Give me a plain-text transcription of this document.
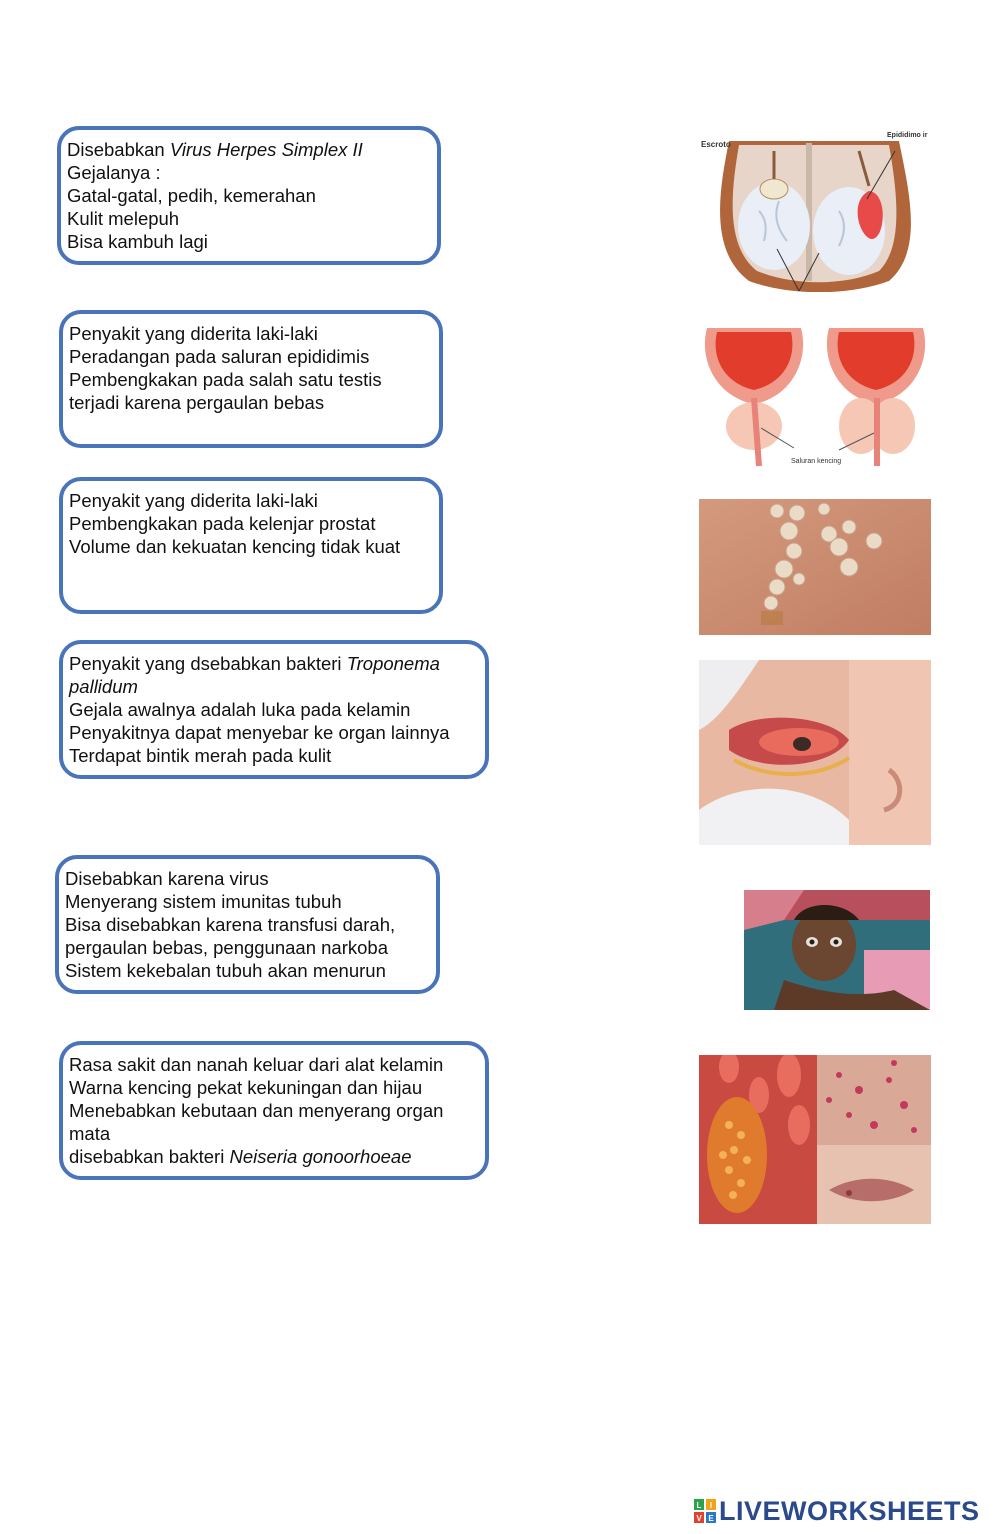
Disebabkan Virus Herpes Simplex II
Gejalanya :
Gatal-gatal, pedih, kemerahan
Kulit melepuh
Bisa kambuh lagi
Penyakit yang diderita laki-laki
Peradangan pada saluran epididimis
Pembengkakan pada salah satu testis
terjadi karena pergaulan bebas
Penyakit yang diderita laki-laki
Pembengkakan pada kelenjar prostat
Volume dan kekuatan kencing tidak kuat
Penyakit yang dsebabkan bakteri Troponema
pallidum
Gejala awalnya adalah luka pada kelamin
Penyakitnya dapat menyebar ke organ lainnya
Terdapat bintik merah pada kulit
Disebabkan karena virus
Menyerang sistem imunitas tubuh
Bisa disebabkan karena transfusi darah,
pergaulan bebas, penggunaan narkoba
Sistem kekebalan tubuh akan menurun
Rasa sakit dan nanah keluar dari alat kelamin
Warna kencing pekat kekuningan dan hijau
Menebabkan kebutaan dan menyerang organ
mata
disebabkan bakteri Neiseria gonoorhoeae
Escroto
Epididimo ir
Saluran kencing
L I
V E LIVEWORKSHEETS
